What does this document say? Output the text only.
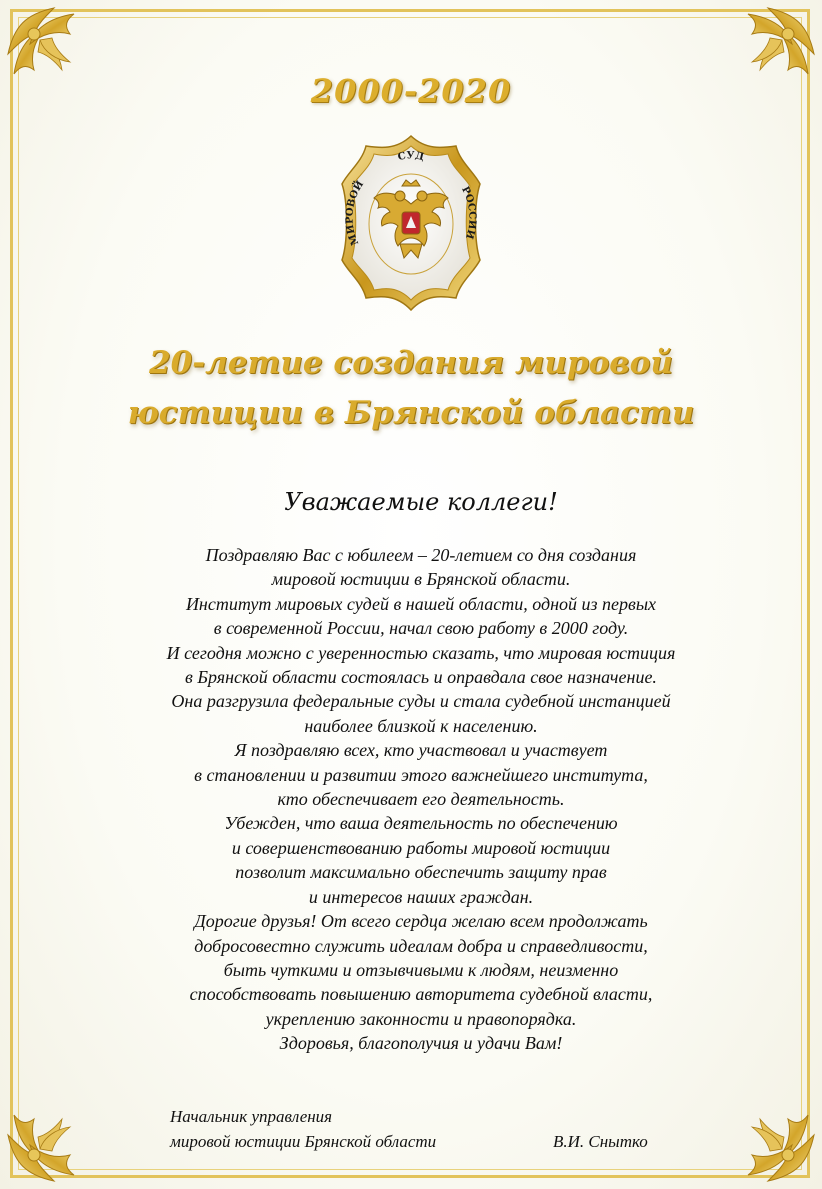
2000-2020
СУД
МИРОВОЙ	РОССИИ
20-летие создания мировой
юстиции в Брянской области
Уважаемые коллеги!
Поздравляю Вас с юбилеем – 20-летием со дня создания
мировой юстиции в Брянской области.
Институт мировых судей в нашей области, одной из первых
в современной России, начал свою работу в 2000 году.
И сегодня можно с уверенностью сказать, что мировая юстиция
в Брянской области состоялась и оправдала свое назначение.
Она разгрузила федеральные суды и стала судебной инстанцией
наиболее близкой к населению.
Я поздравляю всех, кто участвовал и участвует
в становлении и развитии этого важнейшего института,
кто обеспечивает его деятельность.
Убежден, что ваша деятельность по обеспечению
и совершенствованию работы мировой юстиции
позволит максимально обеспечить защиту прав
и интересов наших граждан.
Дорогие друзья! От всего сердца желаю всем продолжать
добросовестно служить идеалам добра и справедливости,
быть чуткими и отзывчивыми к людям, неизменно
способствовать повышению авторитета судебной власти,
укреплению законности и правопорядка.
Здоровья, благополучия и удачи Вам!
Начальник управления
мировой юстиции Брянской области	В.И. Снытко
